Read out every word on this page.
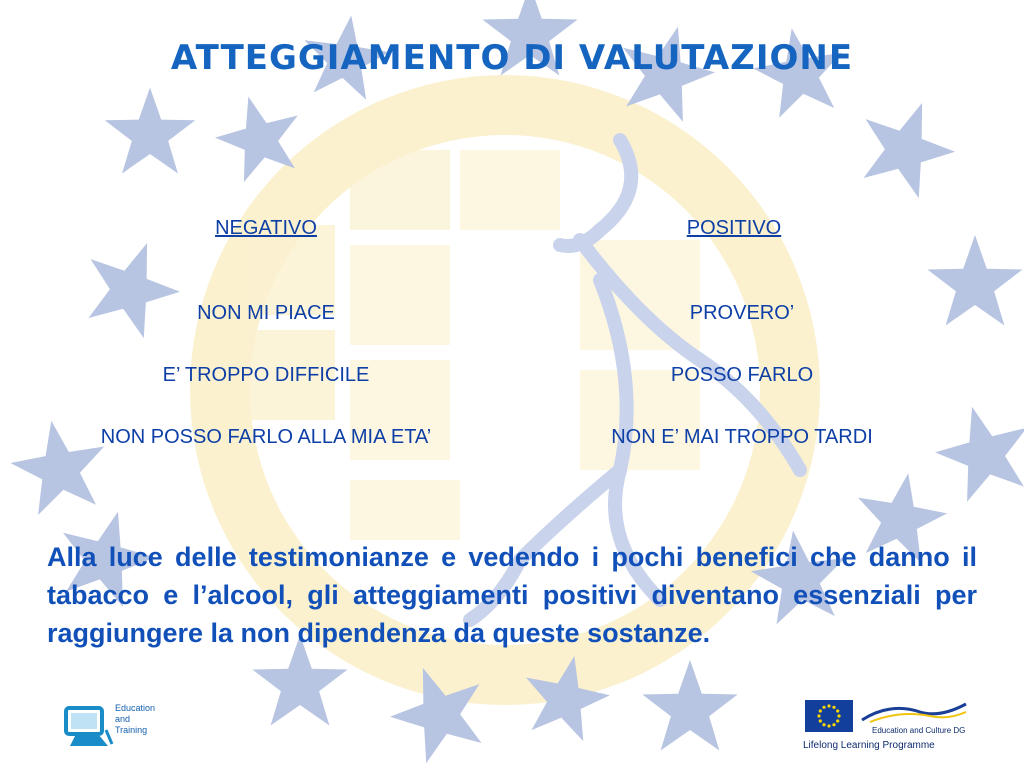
ATTEGGIAMENTO DI VALUTAZIONE
NEGATIVO	POSITIVO
NON MI PIACE
E’ TROPPO DIFFICILE
NON POSSO FARLO ALLA MIA ETA’
PROVERO’
POSSO FARLO
NON E’ MAI TROPPO TARDI
Alla luce delle testimonianze e vedendo i pochi benefici che danno il tabacco e l’alcool, gli atteggiamenti positivi diventano essenziali per raggiungere la non dipendenza da queste sostanze.
Education
and
Training	Education and Culture DG
Lifelong Learning Programme
